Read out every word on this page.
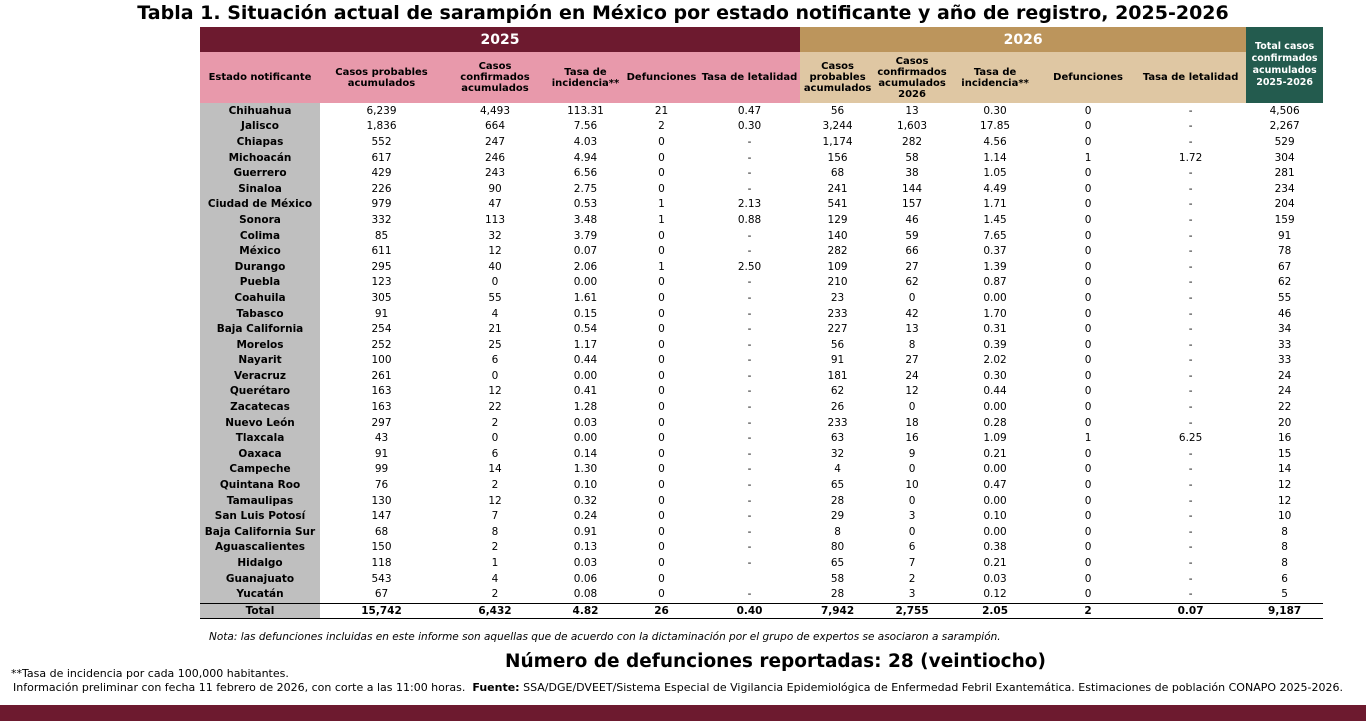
Tabla 1. Situación actual de sarampión en México por estado notificante y año de registro, 2025-2026
2025						2026					Total casos confirmados acumulados 2025-2026
Estado notificante	Casos probables acumulados	Casos confirmados acumulados	Tasa de incidencia**	Defunciones	Tasa de letalidad	Casos probables acumulados	Casos confirmados acumulados 2026	Tasa de incidencia**	Defunciones	Tasa de letalidad	
Chihuahua	6,239	4,493	113.31	21	0.47	56	13	0.30	0	-	4,506
Jalisco	1,836	664	7.56	2	0.30	3,244	1,603	17.85	0	-	2,267
Chiapas	552	247	4.03	0	-	1,174	282	4.56	0	-	529
Michoacán	617	246	4.94	0	-	156	58	1.14	1	1.72	304
Guerrero	429	243	6.56	0	-	68	38	1.05	0	-	281
Sinaloa	226	90	2.75	0	-	241	144	4.49	0	-	234
Ciudad de México	979	47	0.53	1	2.13	541	157	1.71	0	-	204
Sonora	332	113	3.48	1	0.88	129	46	1.45	0	-	159
Colima	85	32	3.79	0	-	140	59	7.65	0	-	91
México	611	12	0.07	0	-	282	66	0.37	0	-	78
Durango	295	40	2.06	1	2.50	109	27	1.39	0	-	67
Puebla	123	0	0.00	0	-	210	62	0.87	0	-	62
Coahuila	305	55	1.61	0	-	23	0	0.00	0	-	55
Tabasco	91	4	0.15	0	-	233	42	1.70	0	-	46
Baja California	254	21	0.54	0	-	227	13	0.31	0	-	34
Morelos	252	25	1.17	0	-	56	8	0.39	0	-	33
Nayarit	100	6	0.44	0	-	91	27	2.02	0	-	33
Veracruz	261	0	0.00	0	-	181	24	0.30	0	-	24
Querétaro	163	12	0.41	0	-	62	12	0.44	0	-	24
Zacatecas	163	22	1.28	0	-	26	0	0.00	0	-	22
Nuevo León	297	2	0.03	0	-	233	18	0.28	0	-	20
Tlaxcala	43	0	0.00	0	-	63	16	1.09	1	6.25	16
Oaxaca	91	6	0.14	0	-	32	9	0.21	0	-	15
Campeche	99	14	1.30	0	-	4	0	0.00	0	-	14
Quintana Roo	76	2	0.10	0	-	65	10	0.47	0	-	12
Tamaulipas	130	12	0.32	0	-	28	0	0.00	0	-	12
San Luis Potosí	147	7	0.24	0	-	29	3	0.10	0	-	10
Baja California Sur	68	8	0.91	0	-	8	0	0.00	0	-	8
Aguascalientes	150	2	0.13	0	-	80	6	0.38	0	-	8
Hidalgo	118	1	0.03	0	-	65	7	0.21	0	-	8
Guanajuato	543	4	0.06	0		58	2	0.03	0	-	6
Yucatán	67	2	0.08	0	-	28	3	0.12	0	-	5
Total	15,742	6,432	4.82	26	0.40	7,942	2,755	2.05	2	0.07	9,187
Nota: las defunciones incluidas en este informe son aquellas que de acuerdo con la dictaminación por el grupo de expertos se asociaron a sarampión.
Número de defunciones reportadas: 28 (veintiocho)
**Tasa de incidencia por cada 100,000 habitantes.
Información preliminar con fecha 11 febrero de 2026, con corte a las 11:00 horas. Fuente: SSA/DGE/DVEET/Sistema Especial de Vigilancia Epidemiológica de Enfermedad Febril Exantemática. Estimaciones de población CONAPO 2025-2026.
